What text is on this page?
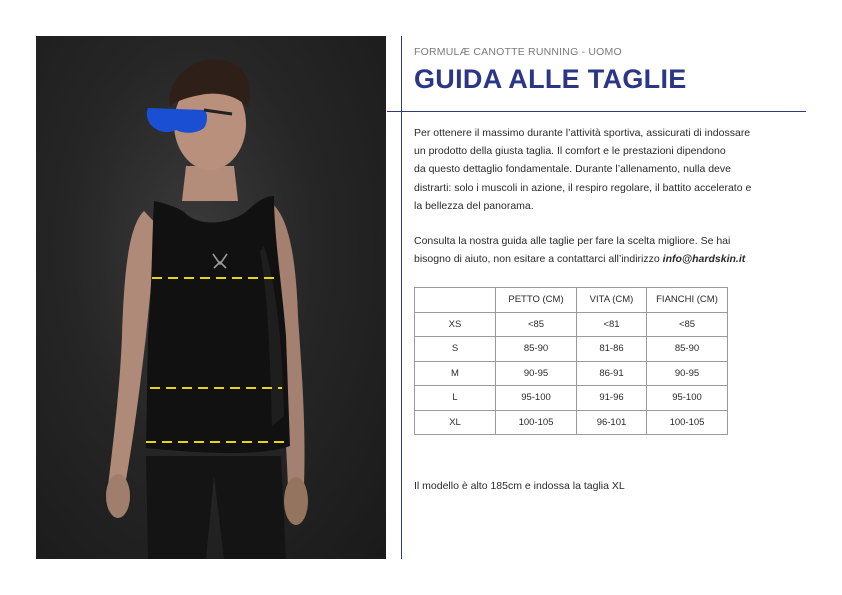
FORMULÆ CANOTTE RUNNING - UOMO
GUIDA ALLE TAGLIE

Per ottenere il massimo durante l’attività sportiva, assicurati di indossare
un prodotto della giusta taglia. Il comfort e le prestazioni dipendono
da questo dettaglio fondamentale. Durante l’allenamento, nulla deve
distrarti: solo i muscoli in azione, il respiro regolare, il battito accelerato e
la bellezza del panorama.

Consulta la nostra guida alle taglie per fare la scelta migliore. Se hai
bisogno di aiuto, non esitare a contattarci all’indirizzo info@hardskin.it

	PETTO (CM)	VITA (CM)	FIANCHI (CM)
XS	<85	<81	<85
S	85-90	81-86	85-90
M	90-95	86-91	90-95
L	95-100	91-96	95-100
XL	100-105	96-101	100-105
Il modello è alto 185cm e indossa la taglia XL
